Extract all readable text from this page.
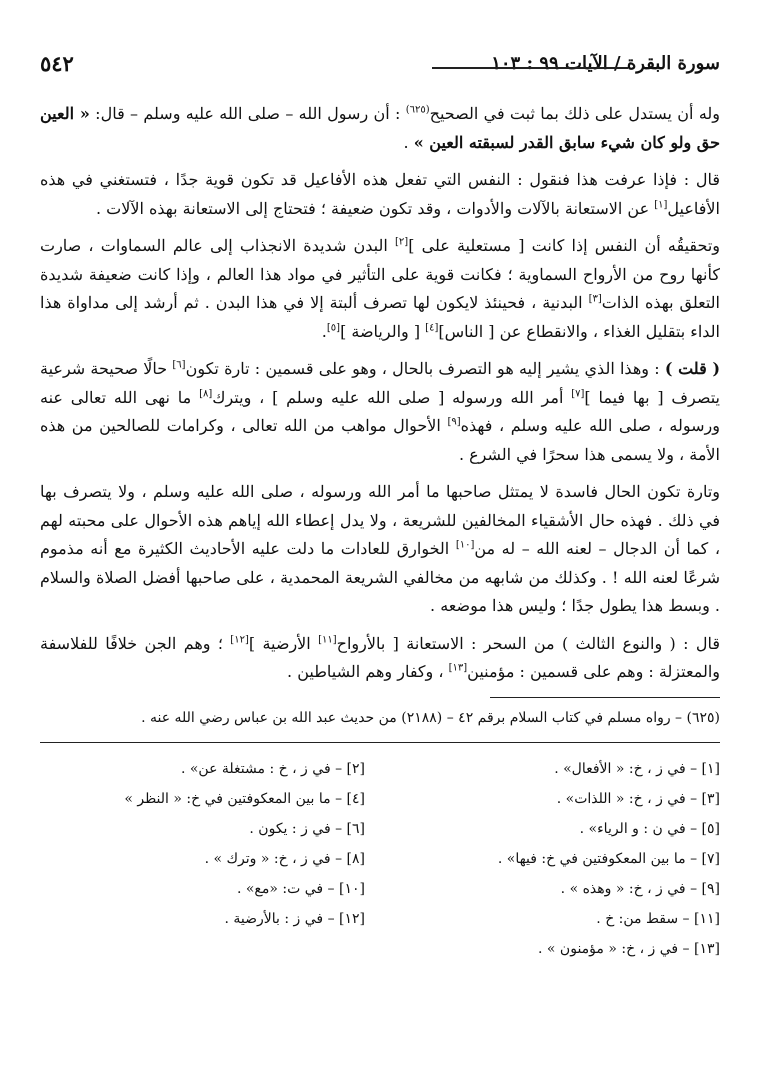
سورة البقرة / الآيات ٩٩ : ١٠٣
٥٤٢

وله أن يستدل على ذلك بما ثبت في الصحيح$^{(٦٢٥)}$ : أن رسول الله – صلى الله عليه وسلم – قال: « العين حق ولو كان شيء سابق القدر لسبقته العين » .

قال : فإذا عرفت هذا فنقول : النفس التي تفعل هذه الأفاعيل قد تكون قوية جدًا ، فتستغني في هذه الأفاعيل[١] عن الاستعانة بالآلات والأدوات ، وقد تكون ضعيفة ؛ فتحتاج إلى الاستعانة بهذه الآلات .

وتحقيقُه أن النفس إذا كانت [ مستعلية على ][٢] البدن شديدة الانجذاب إلى عالم السماوات ، صارت كأنها روح من الأرواح السماوية ؛ فكانت قوية على التأثير في مواد هذا العالم ، وإذا كانت ضعيفة شديدة التعلق بهذه الذات[٣] البدنية ، فحينئذ لايكون لها تصرف ألبتة إلا في هذا البدن . ثم أرشد إلى مداواة هذا الداء بتقليل الغذاء ، والانقطاع عن [ الناس][٤] [ والرياضة ][٥].

( قلت ) : وهذا الذي يشير إليه هو التصرف بالحال ، وهو على قسمين : تارة تكون[٦] حالًا صحيحة شرعية يتصرف [ بها فيما ][٧] أمر الله ورسوله [ صلى الله عليه وسلم ] ، ويترك[٨] ما نهى الله تعالى عنه ورسوله ، صلى الله عليه وسلم ، فهذه[٩] الأحوال مواهب من الله تعالى ، وكرامات للصالحين من هذه الأمة ، ولا يسمى هذا سحرًا في الشرع .

وتارة تكون الحال فاسدة لا يمتثل صاحبها ما أمر الله ورسوله ، صلى الله عليه وسلم ، ولا يتصرف بها في ذلك . فهذه حال الأشقياء المخالفين للشريعة ، ولا يدل إعطاء الله إياهم هذه الأحوال على محبته لهم ، كما أن الدجال – لعنه الله – له من[١٠] الخوارق للعادات ما دلت عليه الأحاديث الكثيرة مع أنه مذموم شرعًا لعنه الله ! . وكذلك من شابهه من مخالفي الشريعة المحمدية ، على صاحبها أفضل الصلاة والسلام . وبسط هذا يطول جدًا ؛ وليس هذا موضعه .

قال : ( والنوع الثالث ) من السحر : الاستعانة [ بالأرواح[١١] الأرضية ][١٢] ؛ وهم الجن خلافًا للفلاسفة والمعتزلة : وهم على قسمين : مؤمنين[١٣] ، وكفار وهم الشياطين .

(٦٢٥) – رواه مسلم في كتاب السلام برقم ٤٢ – (٢١٨٨) من حديث عبد الله بن عباس رضي الله عنه .

[١] – في ز ، خ: « الأفعال» .
[٢] – في ز ، خ : مشتغلة عن» .
[٣] – في ز ، خ: « اللذات» .
[٤] – ما بين المعكوفتين في خ: « النظر »
[٥] – في ن : و الرياء» .
[٦] – في ز : يكون .
[٧] – ما بين المعكوفتين في خ: فيها» .
[٨] – في ز ، خ: « وترك » .
[٩] – في ز ، خ: « وهذه » .
[١٠] – في ت: «مع» .
[١١] – سقط من: خ .
[١٢] – في ز : بالأرضية .
[١٣] – في ز ، خ: « مؤمنون » .
